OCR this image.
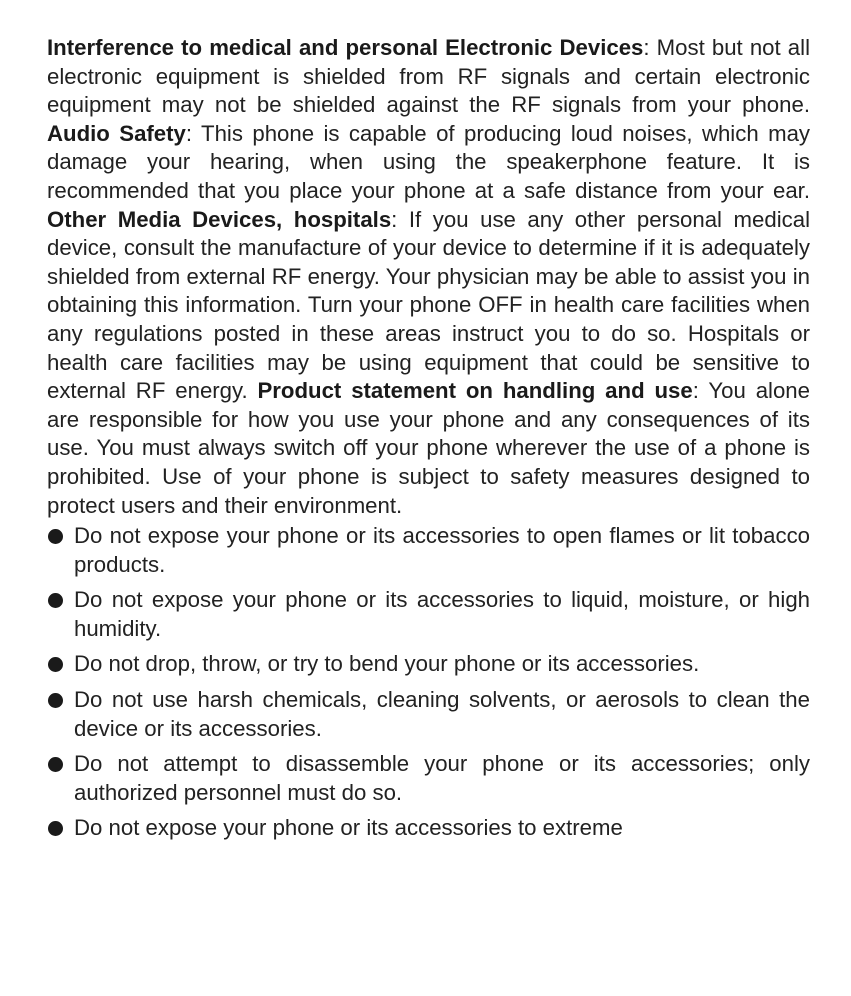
Interference to medical and personal Electronic Devices: Most but not all electronic equipment is shielded from RF signals and certain electronic equipment may not be shielded against the RF signals from your phone. Audio Safety: This phone is capable of producing loud noises, which may damage your hearing, when using the speakerphone feature. It is recommended that you place your phone at a safe distance from your ear. Other Media Devices, hospitals: If you use any other personal medical device, consult the manufacture of your device to determine if it is adequately shielded from external RF energy. Your physician may be able to assist you in obtaining this information. Turn your phone OFF in health care facilities when any regulations posted in these areas instruct you to do so. Hospitals or health care facilities may be using equipment that could be sensitive to external RF energy. Product statement on handling and use: You alone are responsible for how you use your phone and any consequences of its use. You must always switch off your phone wherever the use of a phone is prohibited. Use of your phone is subject to safety measures designed to protect users and their environment.

Do not expose your phone or its accessories to open flames or lit tobacco products.
Do not expose your phone or its accessories to liquid, moisture, or high humidity.
Do not drop, throw, or try to bend your phone or its accessories.
Do not use harsh chemicals, cleaning solvents, or aerosols to clean the device or its accessories.
Do not attempt to disassemble your phone or its accessories; only authorized personnel must do so.
Do not expose your phone or its accessories to extreme
